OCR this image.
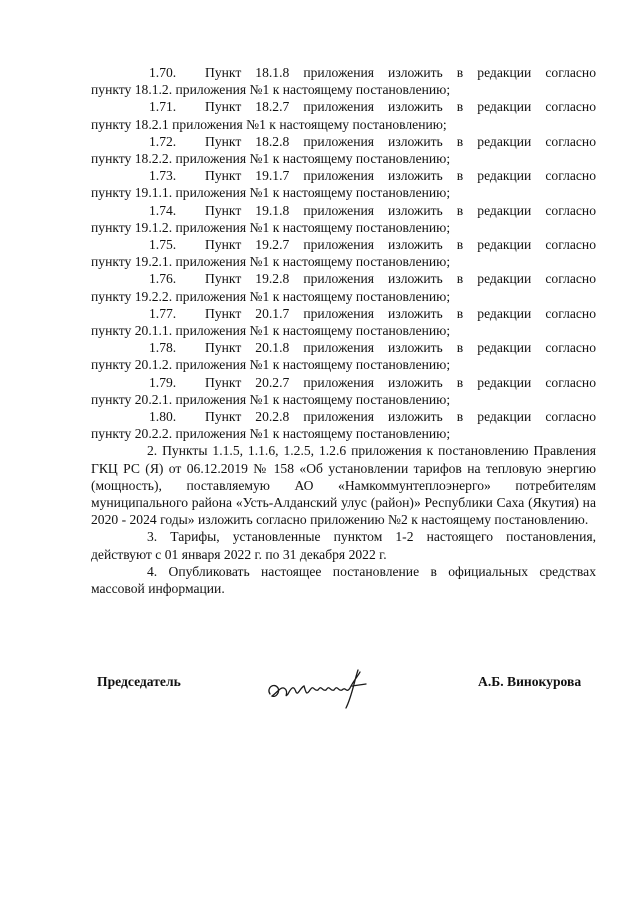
1.70.	Пункт 18.1.8 приложения изложить в редакции согласно
пункту 18.1.2. приложения №1 к настоящему постановлению;
1.71.	Пункт 18.2.7 приложения изложить в редакции согласно
пункту 18.2.1 приложения №1 к настоящему постановлению;
1.72.	Пункт 18.2.8 приложения изложить в редакции согласно
пункту 18.2.2. приложения №1 к настоящему постановлению;
1.73.	Пункт 19.1.7 приложения изложить в редакции согласно
пункту 19.1.1. приложения №1 к настоящему постановлению;
1.74.	Пункт 19.1.8 приложения изложить в редакции согласно
пункту 19.1.2. приложения №1 к настоящему постановлению;
1.75.	Пункт 19.2.7 приложения изложить в редакции согласно
пункту 19.2.1. приложения №1 к настоящему постановлению;
1.76.	Пункт 19.2.8 приложения изложить в редакции согласно
пункту 19.2.2. приложения №1 к настоящему постановлению;
1.77.	Пункт 20.1.7 приложения изложить в редакции согласно
пункту 20.1.1. приложения №1 к настоящему постановлению;
1.78.	Пункт 20.1.8 приложения изложить в редакции согласно
пункту 20.1.2. приложения №1 к настоящему постановлению;
1.79.	Пункт 20.2.7 приложения изложить в редакции согласно
пункту 20.2.1. приложения №1 к настоящему постановлению;
1.80.	Пункт 20.2.8 приложения изложить в редакции согласно
пункту 20.2.2. приложения №1 к настоящему постановлению;

2. Пункты 1.1.5, 1.1.6, 1.2.5, 1.2.6 приложения к постановлению Правления ГКЦ РС (Я) от 06.12.2019 № 158 «Об установлении тарифов на тепловую энергию (мощность), поставляемую АО «Намкоммунтеплоэнерго» потребителям муниципального района «Усть-Алданский улус (район)» Республики Саха (Якутия) на 2020 - 2024 годы» изложить согласно приложению №2 к настоящему постановлению.

3. Тарифы, установленные пунктом 1-2 настоящего постановления, действуют с 01 января 2022 г. по 31 декабря 2022 г.

4. Опубликовать настоящее постановление в официальных средствах массовой информации.

Председатель	А.Б. Винокурова
